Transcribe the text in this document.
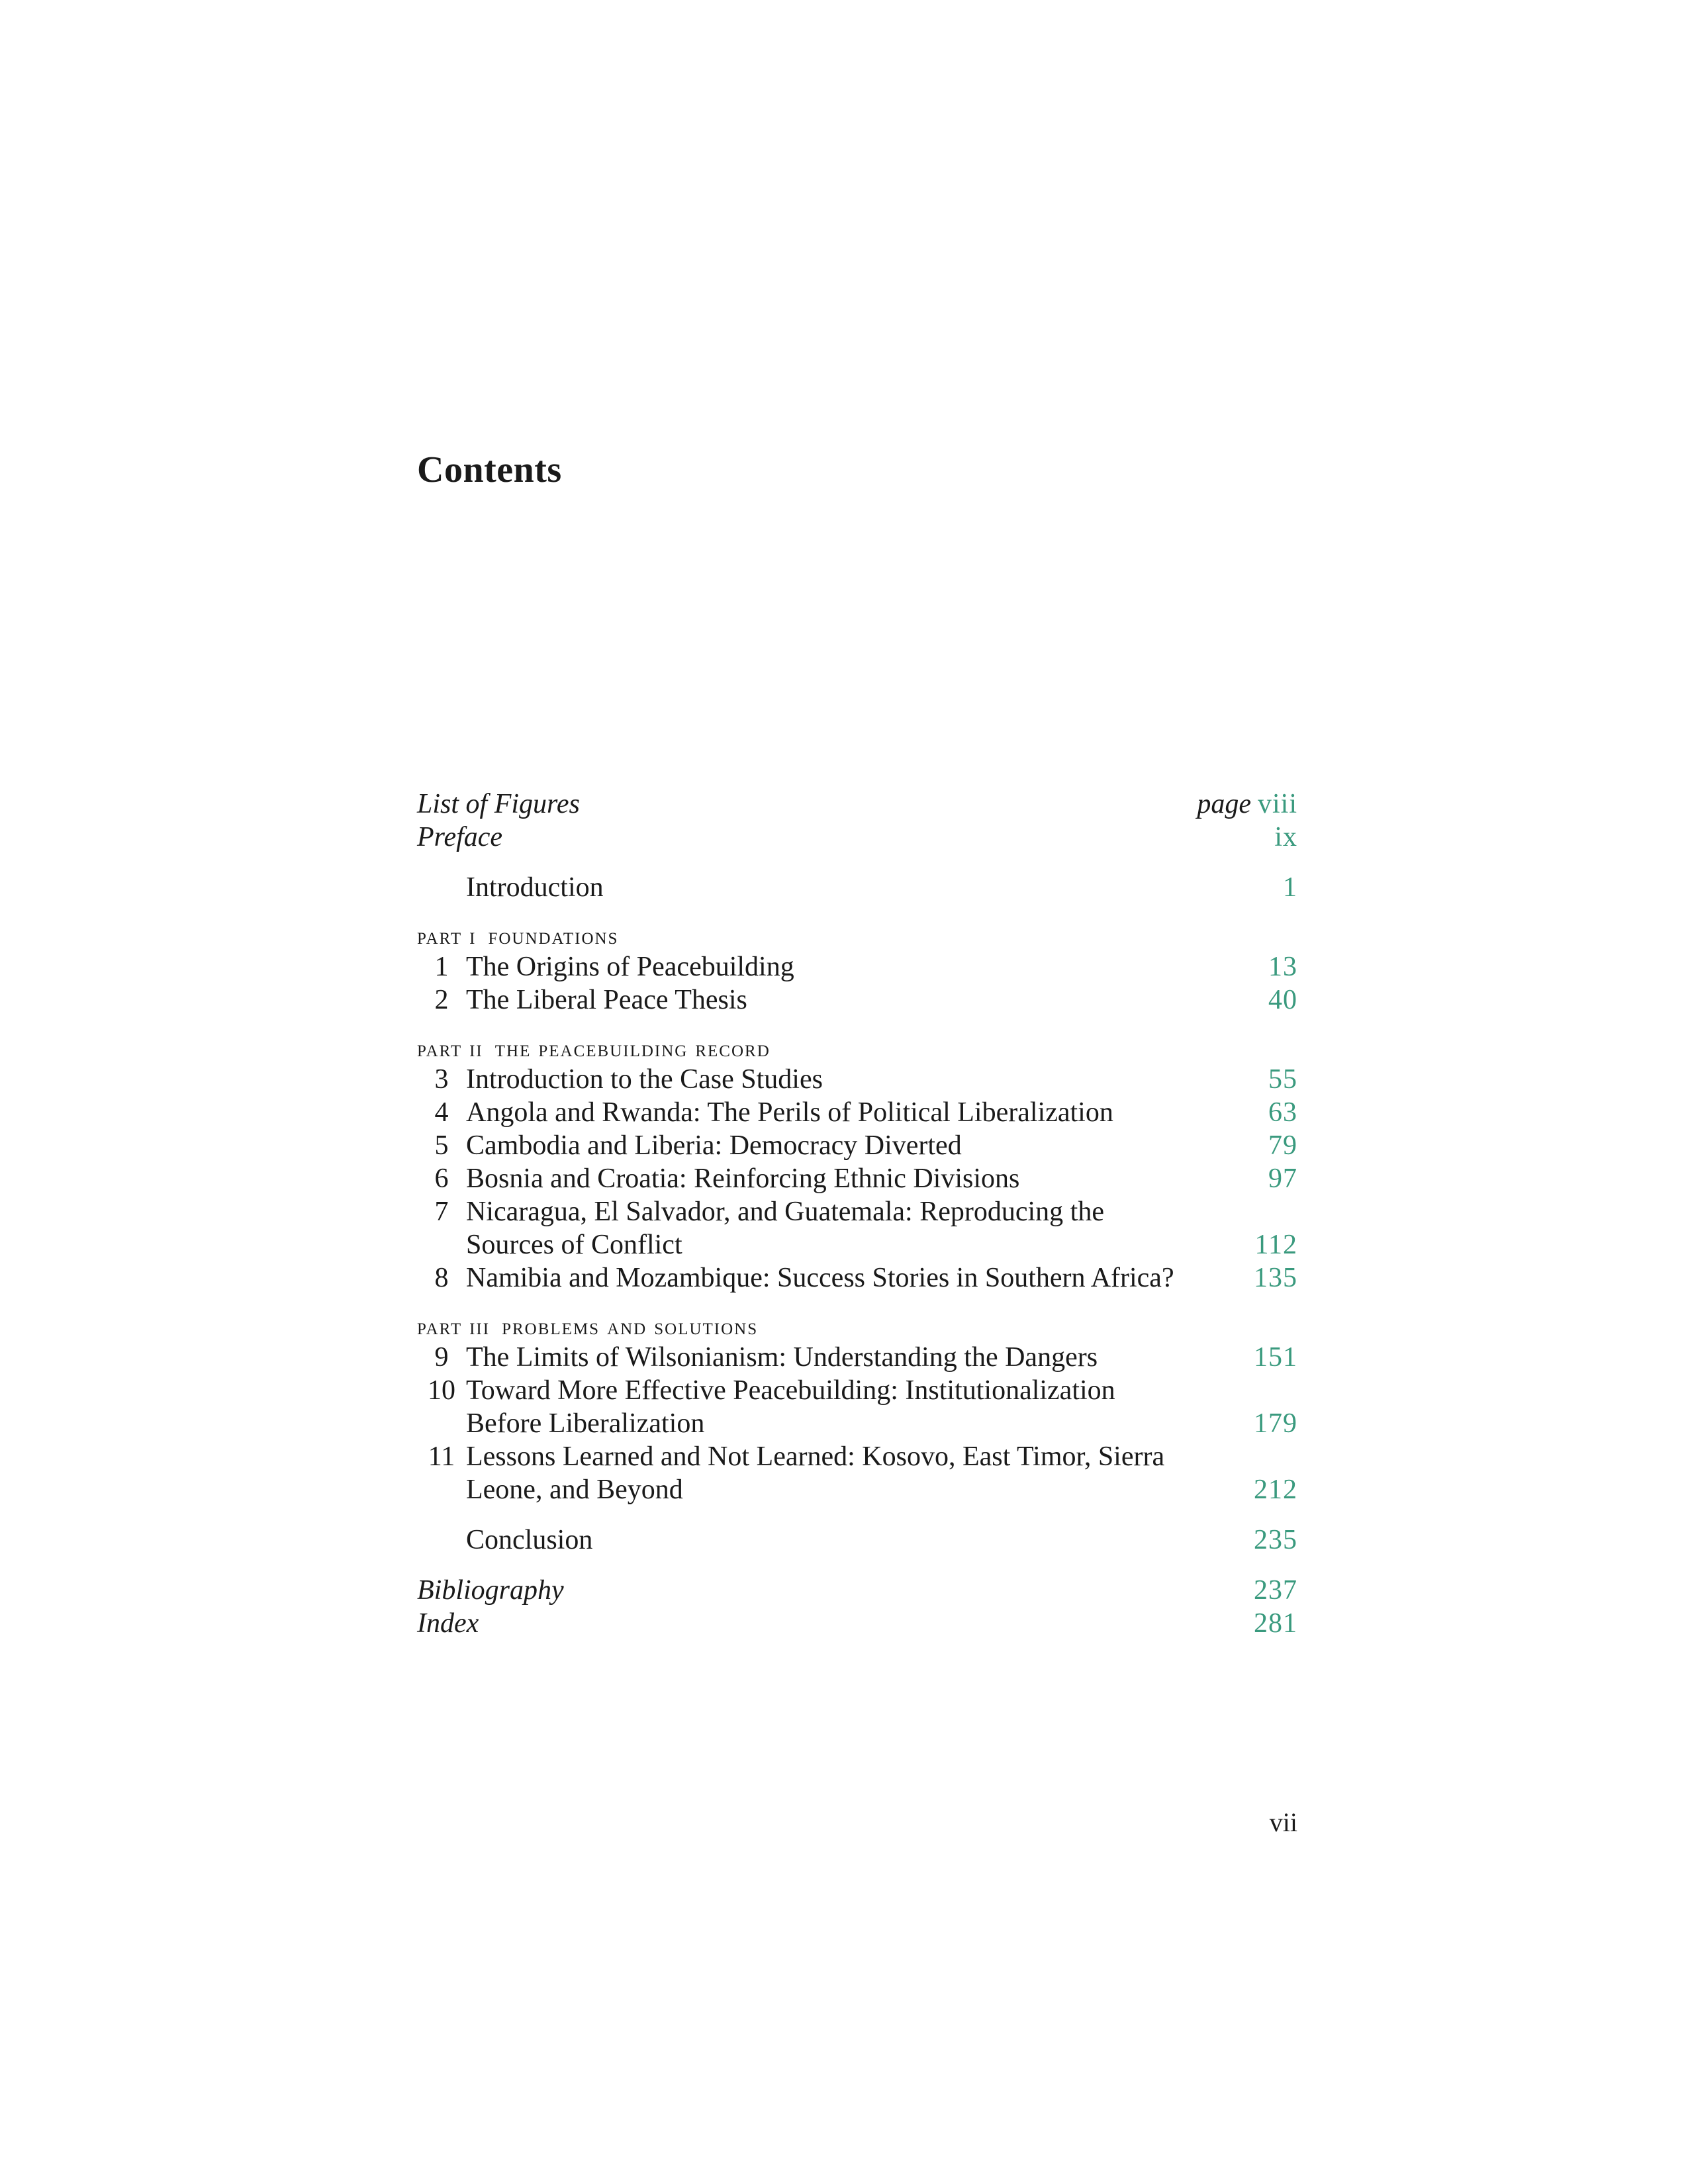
Contents
List of Figures	page viii
Preface	ix
Introduction	1
part i foundations
1 The Origins of Peacebuilding	13
2 The Liberal Peace Thesis	40
part ii the peacebuilding record
3 Introduction to the Case Studies	55
4 Angola and Rwanda: The Perils of Political Liberalization	63
5 Cambodia and Liberia: Democracy Diverted	79
6 Bosnia and Croatia: Reinforcing Ethnic Divisions	97
7 Nicaragua, El Salvador, and Guatemala: Reproducing the
Sources of Conflict	112
8 Namibia and Mozambique: Success Stories in Southern Africa?	135
part iii problems and solutions
9 The Limits of Wilsonianism: Understanding the Dangers	151
10 Toward More Effective Peacebuilding: Institutionalization
Before Liberalization	179
11 Lessons Learned and Not Learned: Kosovo, East Timor, Sierra
Leone, and Beyond	212
Conclusion	235
Bibliography	237
Index	281
vii
